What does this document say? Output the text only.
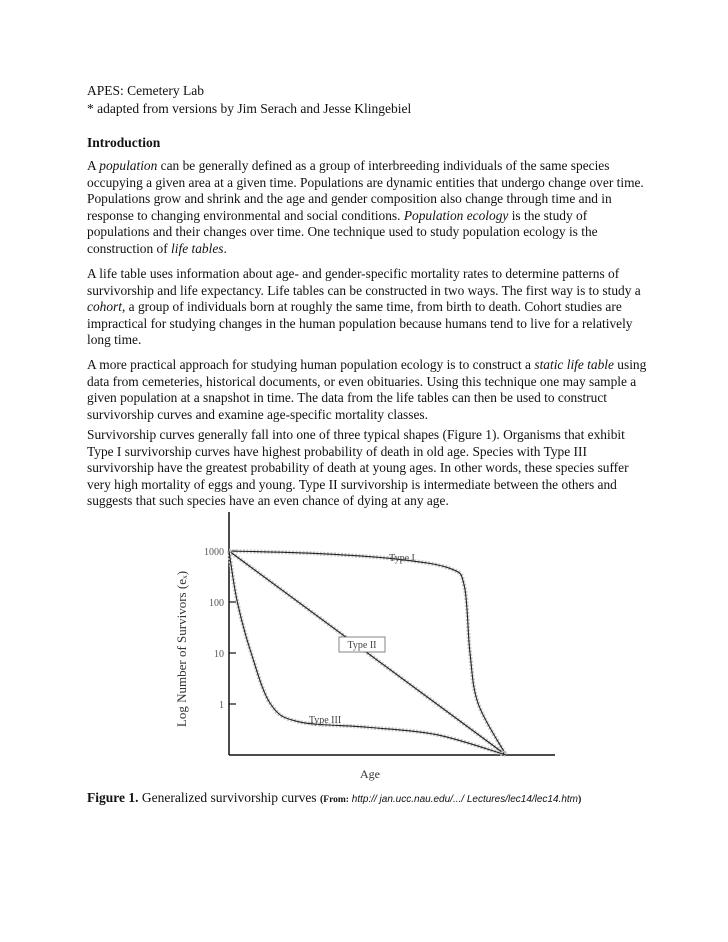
APES: Cemetery Lab
* adapted from versions by Jim Serach and Jesse Klingebiel
Introduction

A population can be generally defined as a group of interbreeding individuals of the same species occupying a given area at a given time. Populations are dynamic entities that undergo change over time. Populations grow and shrink and the age and gender composition also change through time and in response to changing environmental and social conditions. Population ecology is the study of populations and their changes over time. One technique used to study population ecology is the construction of life tables.

A life table uses information about age- and gender-specific mortality rates to determine patterns of survivorship and life expectancy. Life tables can be constructed in two ways. The first way is to study a cohort, a group of individuals born at roughly the same time, from birth to death. Cohort studies are impractical for studying changes in the human population because humans tend to live for a relatively long time.

A more practical approach for studying human population ecology is to construct a static life table using data from cemeteries, historical documents, or even obituaries. Using this technique one may sample a given population at a snapshot in time. The data from the life tables can then be used to construct survivorship curves and examine age-specific mortality classes.

Survivorship curves generally fall into one of three typical shapes (Figure 1). Organisms that exhibit Type I survivorship curves have highest probability of death in old age. Species with Type III survivorship have the greatest probability of death at young ages. In other words, these species suffer very high mortality of eggs and young. Type II survivorship is intermediate between the others and suggests that such species have an even chance of dying at any age.

1000
100
10
1
Type I
Type II
Type III
Log Number of Survivors (eₓ)
Age
Figure 1. Generalized survivorship curves (From: http:// jan.ucc.nau.edu/.../ Lectures/lec14/lec14.htm)
